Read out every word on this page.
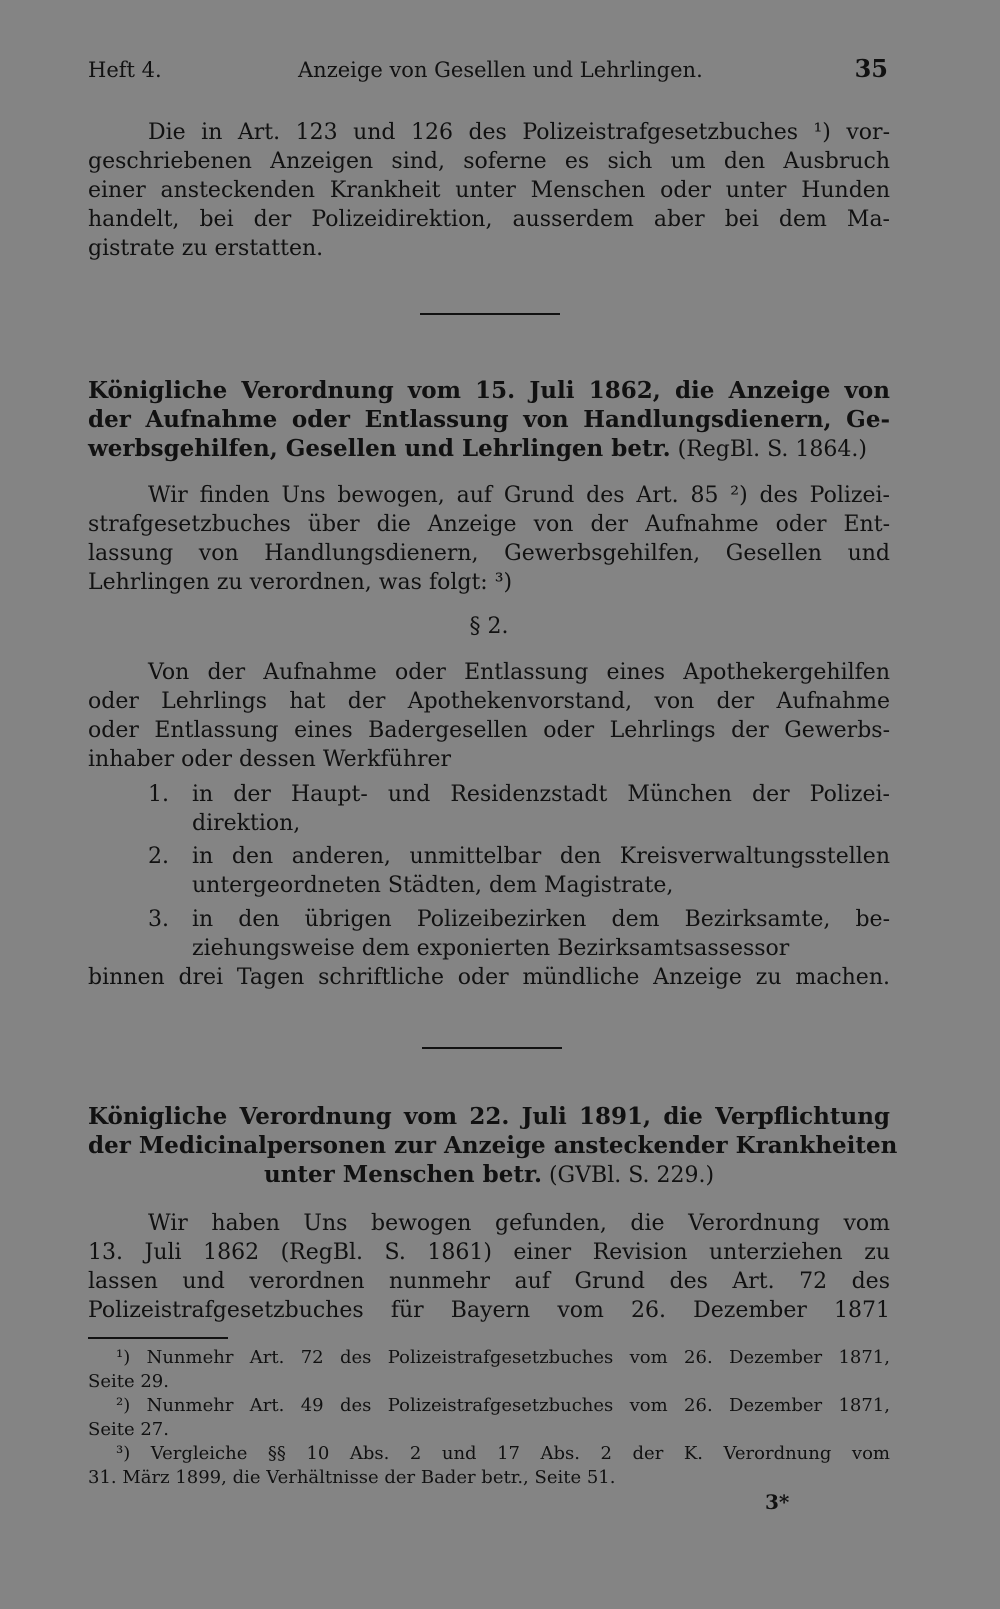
Heft 4.	Anzeige von Gesellen und Lehrlingen.	35
Die in Art. 123 und 126 des Polizeistrafgesetzbuches ¹) vor-
geschriebenen Anzeigen sind, soferne es sich um den Ausbruch
einer ansteckenden Krankheit unter Menschen oder unter Hunden
handelt, bei der Polizeidirektion, ausserdem aber bei dem Ma-
gistrate zu erstatten.
Königliche Verordnung vom 15. Juli 1862, die Anzeige von
der Aufnahme oder Entlassung von Handlungsdienern, Ge-
werbsgehilfen, Gesellen und Lehrlingen betr. (RegBl. S. 1864.)
Wir finden Uns bewogen, auf Grund des Art. 85 ²) des Polizei-
strafgesetzbuches über die Anzeige von der Aufnahme oder Ent-
lassung von Handlungsdienern, Gewerbsgehilfen, Gesellen und
Lehrlingen zu verordnen, was folgt: ³)
§ 2.
Von der Aufnahme oder Entlassung eines Apothekergehilfen
oder Lehrlings hat der Apothekenvorstand, von der Aufnahme
oder Entlassung eines Badergesellen oder Lehrlings der Gewerbs-
inhaber oder dessen Werkführer
1. in der Haupt- und Residenzstadt München der Polizei-
direktion,
2. in den anderen, unmittelbar den Kreisverwaltungsstellen
untergeordneten Städten, dem Magistrate,
3. in den übrigen Polizeibezirken dem Bezirksamte, be-
ziehungsweise dem exponierten Bezirksamtsassessor
binnen drei Tagen schriftliche oder mündliche Anzeige zu machen.
Königliche Verordnung vom 22. Juli 1891, die Verpflichtung
der Medicinalpersonen zur Anzeige ansteckender Krankheiten
unter Menschen betr. (GVBl. S. 229.)
Wir haben Uns bewogen gefunden, die Verordnung vom
13. Juli 1862 (RegBl. S. 1861) einer Revision unterziehen zu
lassen und verordnen nunmehr auf Grund des Art. 72 des
Polizeistrafgesetzbuches für Bayern vom 26. Dezember 1871
¹) Nunmehr Art. 72 des Polizeistrafgesetzbuches vom 26. Dezember 1871,
Seite 29.
²) Nunmehr Art. 49 des Polizeistrafgesetzbuches vom 26. Dezember 1871,
Seite 27.
³) Vergleiche §§ 10 Abs. 2 und 17 Abs. 2 der K. Verordnung vom
31. März 1899, die Verhältnisse der Bader betr., Seite 51.
3*
